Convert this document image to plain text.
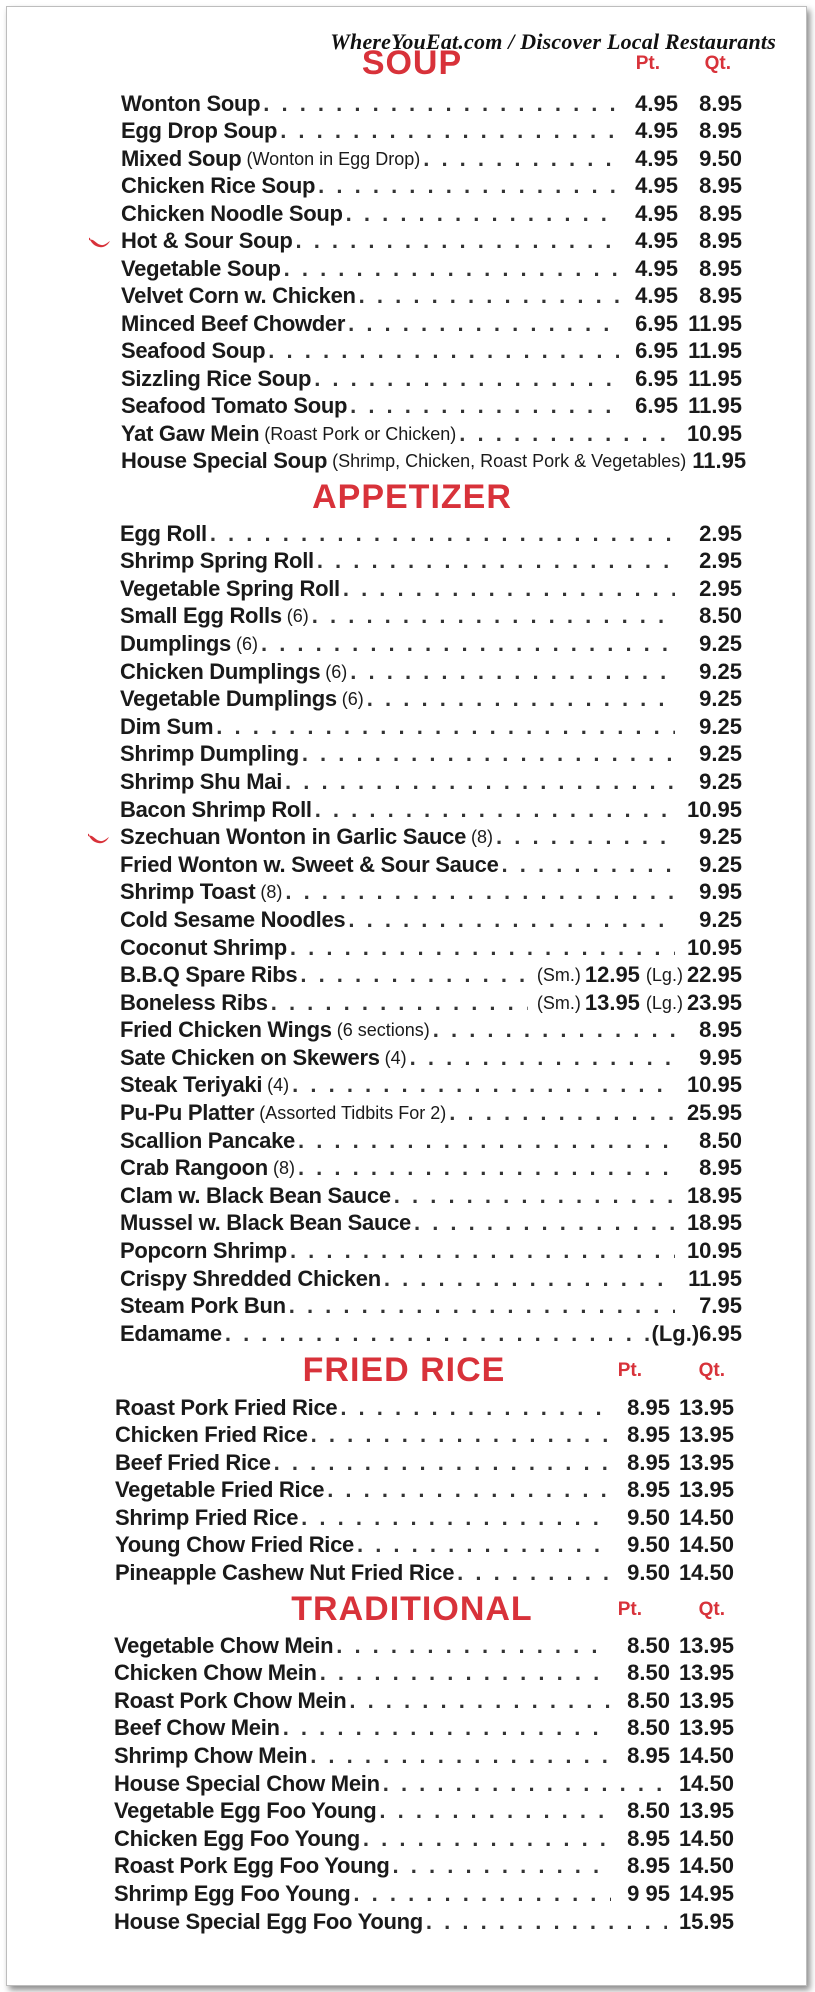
WhereYouEat.com / Discover Local Restaurants
SOUP	Pt.	Qt.
Wonton Soup . . .	4.95 8.95
Egg Drop Soup . . .	4.95 8.95
Mixed Soup (Wonton in Egg Drop) . . .	4.95 9.50
Chicken Rice Soup . . .	4.95 8.95
Chicken Noodle Soup . . .	4.95 8.95
Hot & Sour Soup . . .	4.95 8.95
Vegetable Soup . . .	4.95 8.95
Velvet Corn w. Chicken . . .	4.95 8.95
Minced Beef Chowder . . .	6.95 11.95
Seafood Soup . . .	6.95 11.95
Sizzling Rice Soup . . .	6.95 11.95
Seafood Tomato Soup . . .	6.95 11.95
Yat Gaw Mein (Roast Pork or Chicken) . . .	10.95
House Special Soup (Shrimp, Chicken, Roast Pork & Vegetables) 11.95
APPETIZER
Egg Roll . . .	2.95
Shrimp Spring Roll . . .	2.95
Vegetable Spring Roll . . .	2.95
Small Egg Rolls (6) . . .	8.50
Dumplings (6) . . .	9.25
Chicken Dumplings (6) . . .	9.25
Vegetable Dumplings (6) . . .	9.25
Dim Sum . . .	9.25
Shrimp Dumpling . . .	9.25
Shrimp Shu Mai . . .	9.25
Bacon Shrimp Roll . . .	10.95
Szechuan Wonton in Garlic Sauce (8) . . .	9.25
Fried Wonton w. Sweet & Sour Sauce . . .	9.25
Shrimp Toast (8) . . .	9.95
Cold Sesame Noodles . . .	9.25
Coconut Shrimp . . .	10.95
B.B.Q Spare Ribs . . .	(Sm.) 12.95 (Lg.) 22.95
Boneless Ribs . . .	(Sm.) 13.95 (Lg.) 23.95
Fried Chicken Wings (6 sections) . . .	8.95
Sate Chicken on Skewers (4) . . .	9.95
Steak Teriyaki (4) . . .	10.95
Pu-Pu Platter (Assorted Tidbits For 2) . . .	25.95
Scallion Pancake . . .	8.50
Crab Rangoon (8) . . .	8.95
Clam w. Black Bean Sauce . . .	18.95
Mussel w. Black Bean Sauce . . .	18.95
Popcorn Shrimp . . .	10.95
Crispy Shredded Chicken . . .	11.95
Steam Pork Bun . . .	7.95
Edamame . . .	(Lg.) 6.95
FRIED RICE	Pt.	Qt.
Roast Pork Fried Rice . . .	8.95 13.95
Chicken Fried Rice . . .	8.95 13.95
Beef Fried Rice . . .	8.95 13.95
Vegetable Fried Rice . . .	8.95 13.95
Shrimp Fried Rice . . .	9.50 14.50
Young Chow Fried Rice . . .	9.50 14.50
Pineapple Cashew Nut Fried Rice . . .	9.50 14.50
TRADITIONAL	Pt.	Qt.
Vegetable Chow Mein . . .	8.50 13.95
Chicken Chow Mein . . .	8.50 13.95
Roast Pork Chow Mein . . .	8.50 13.95
Beef Chow Mein . . .	8.50 13.95
Shrimp Chow Mein . . .	8.95 14.50
House Special Chow Mein . . .	14.50
Vegetable Egg Foo Young . . .	8.50 13.95
Chicken Egg Foo Young . . .	8.95 14.50
Roast Pork Egg Foo Young . . .	8.95 14.50
Shrimp Egg Foo Young . . .	9 95 14.95
House Special Egg Foo Young . . .	15.95
